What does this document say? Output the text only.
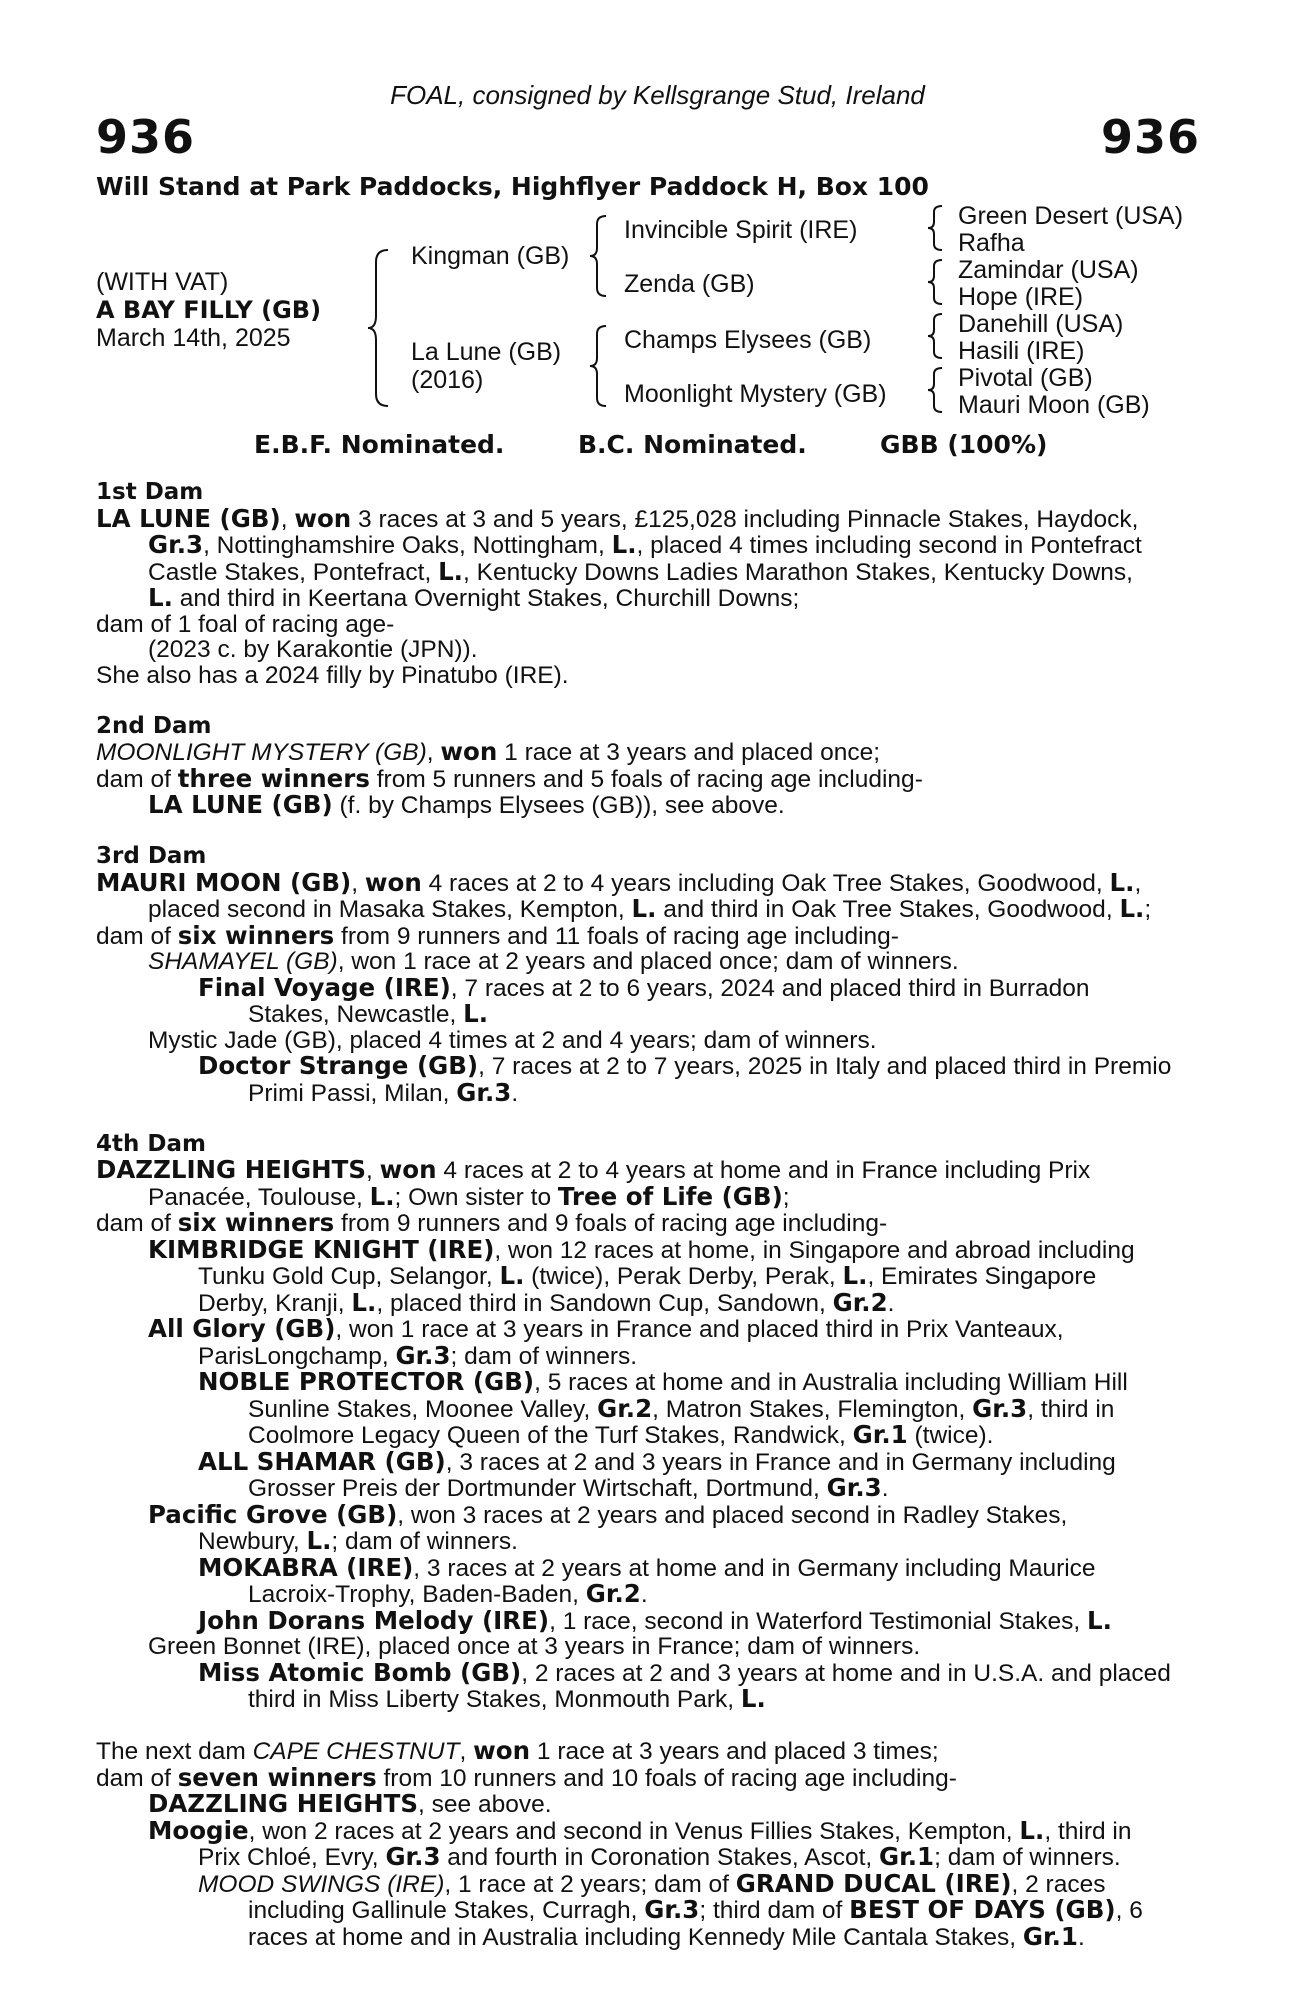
FOAL, consigned by Kellsgrange Stud, Ireland
936	936
Will Stand at Park Paddocks, Highflyer Paddock H, Box 100
(WITH VAT)
A BAY FILLY (GB)
March 14th, 2025
Kingman (GB)
La Lune (GB)
(2016)
Invincible Spirit (IRE)
Zenda (GB)
Champs Elysees (GB)
Moonlight Mystery (GB)
Green Desert (USA)
Rafha
Zamindar (USA)
Hope (IRE)
Danehill (USA)
Hasili (IRE)
Pivotal (GB)
Mauri Moon (GB)
E.B.F. Nominated.	B.C. Nominated.	GBB (100%)
1st Dam
LA LUNE (GB), won 3 races at 3 and 5 years, £125,028 including Pinnacle Stakes, Haydock,
Gr.3, Nottinghamshire Oaks, Nottingham, L., placed 4 times including second in Pontefract
Castle Stakes, Pontefract, L., Kentucky Downs Ladies Marathon Stakes, Kentucky Downs,
L. and third in Keertana Overnight Stakes, Churchill Downs;
dam of 1 foal of racing age-
(2023 c. by Karakontie (JPN)).
She also has a 2024 filly by Pinatubo (IRE).
2nd Dam
MOONLIGHT MYSTERY (GB), won 1 race at 3 years and placed once;
dam of three winners from 5 runners and 5 foals of racing age including-
LA LUNE (GB) (f. by Champs Elysees (GB)), see above.
3rd Dam
MAURI MOON (GB), won 4 races at 2 to 4 years including Oak Tree Stakes, Goodwood, L.,
placed second in Masaka Stakes, Kempton, L. and third in Oak Tree Stakes, Goodwood, L.;
dam of six winners from 9 runners and 11 foals of racing age including-
SHAMAYEL (GB), won 1 race at 2 years and placed once; dam of winners.
Final Voyage (IRE), 7 races at 2 to 6 years, 2024 and placed third in Burradon
Stakes, Newcastle, L.
Mystic Jade (GB), placed 4 times at 2 and 4 years; dam of winners.
Doctor Strange (GB), 7 races at 2 to 7 years, 2025 in Italy and placed third in Premio
Primi Passi, Milan, Gr.3.
4th Dam
DAZZLING HEIGHTS, won 4 races at 2 to 4 years at home and in France including Prix
Panacée, Toulouse, L.; Own sister to Tree of Life (GB);
dam of six winners from 9 runners and 9 foals of racing age including-
KIMBRIDGE KNIGHT (IRE), won 12 races at home, in Singapore and abroad including
Tunku Gold Cup, Selangor, L. (twice), Perak Derby, Perak, L., Emirates Singapore
Derby, Kranji, L., placed third in Sandown Cup, Sandown, Gr.2.
All Glory (GB), won 1 race at 3 years in France and placed third in Prix Vanteaux,
ParisLongchamp, Gr.3; dam of winners.
NOBLE PROTECTOR (GB), 5 races at home and in Australia including William Hill
Sunline Stakes, Moonee Valley, Gr.2, Matron Stakes, Flemington, Gr.3, third in
Coolmore Legacy Queen of the Turf Stakes, Randwick, Gr.1 (twice).
ALL SHAMAR (GB), 3 races at 2 and 3 years in France and in Germany including
Grosser Preis der Dortmunder Wirtschaft, Dortmund, Gr.3.
Pacific Grove (GB), won 3 races at 2 years and placed second in Radley Stakes,
Newbury, L.; dam of winners.
MOKABRA (IRE), 3 races at 2 years at home and in Germany including Maurice
Lacroix-Trophy, Baden-Baden, Gr.2.
John Dorans Melody (IRE), 1 race, second in Waterford Testimonial Stakes, L.
Green Bonnet (IRE), placed once at 3 years in France; dam of winners.
Miss Atomic Bomb (GB), 2 races at 2 and 3 years at home and in U.S.A. and placed
third in Miss Liberty Stakes, Monmouth Park, L.
The next dam CAPE CHESTNUT, won 1 race at 3 years and placed 3 times;
dam of seven winners from 10 runners and 10 foals of racing age including-
DAZZLING HEIGHTS, see above.
Moogie, won 2 races at 2 years and second in Venus Fillies Stakes, Kempton, L., third in
Prix Chloé, Evry, Gr.3 and fourth in Coronation Stakes, Ascot, Gr.1; dam of winners.
MOOD SWINGS (IRE), 1 race at 2 years; dam of GRAND DUCAL (IRE), 2 races
including Gallinule Stakes, Curragh, Gr.3; third dam of BEST OF DAYS (GB), 6
races at home and in Australia including Kennedy Mile Cantala Stakes, Gr.1.
